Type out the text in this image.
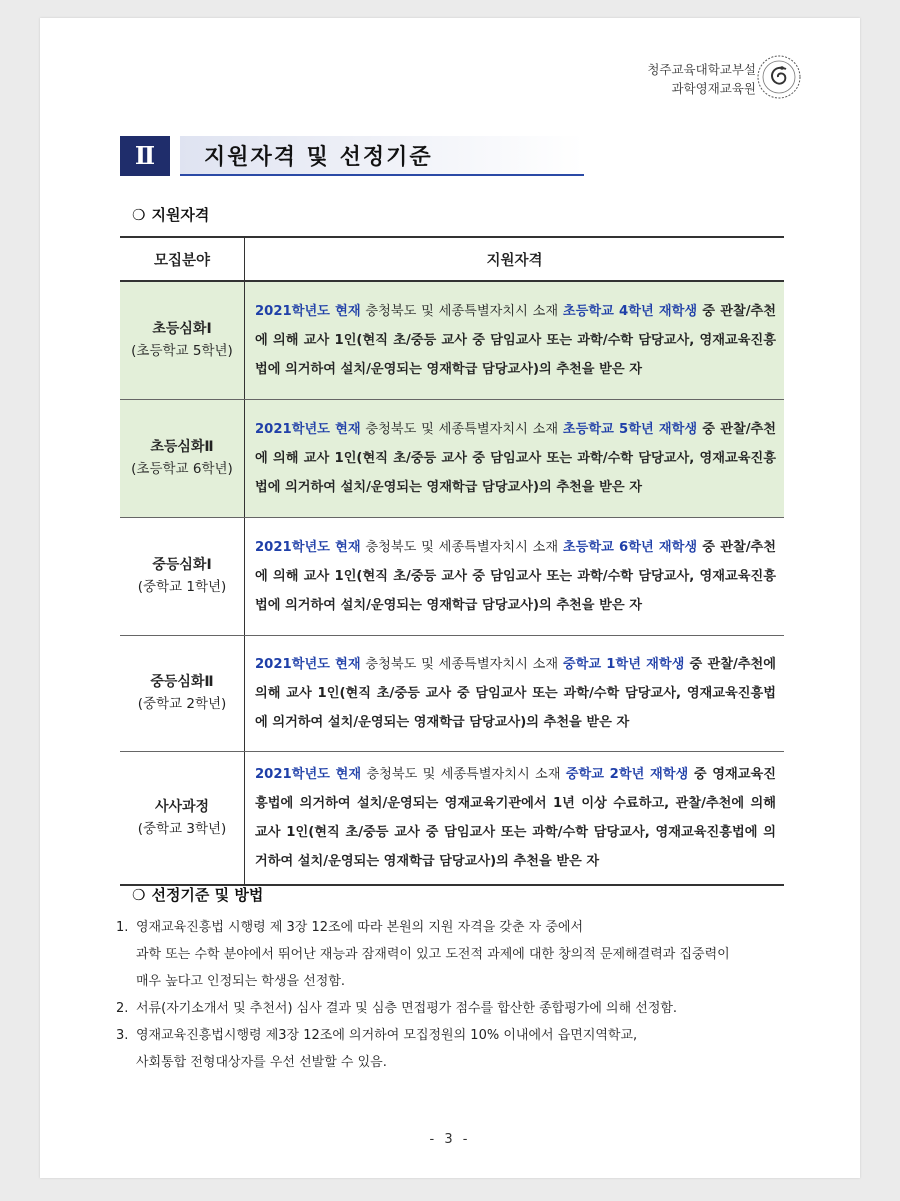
청주교육대학교부설
과학영재교육원
Ⅱ	지원자격 및 선정기준
❍ 지원자격
모집분야	지원자격

초등심화Ⅰ
(초등학교 5학년)	2021학년도 현재 충청북도 및 세종특별자치시 소재 초등학교 4학년 재학생 중 관찰/추천에 의해 교사 1인(현직 초/중등 교사 중 담임교사 또는 과학/수학 담당교사, 영재교육진흥법에 의거하여 설치/운영되는 영재학급 담당교사)의 추천을 받은 자

초등심화Ⅱ
(초등학교 6학년)	2021학년도 현재 충청북도 및 세종특별자치시 소재 초등학교 5학년 재학생 중 관찰/추천에 의해 교사 1인(현직 초/중등 교사 중 담임교사 또는 과학/수학 담당교사, 영재교육진흥법에 의거하여 설치/운영되는 영재학급 담당교사)의 추천을 받은 자

중등심화Ⅰ
(중학교 1학년)	2021학년도 현재 충청북도 및 세종특별자치시 소재 초등학교 6학년 재학생 중 관찰/추천에 의해 교사 1인(현직 초/중등 교사 중 담임교사 또는 과학/수학 담당교사, 영재교육진흥법에 의거하여 설치/운영되는 영재학급 담당교사)의 추천을 받은 자

중등심화Ⅱ
(중학교 2학년)	2021학년도 현재 충청북도 및 세종특별자치시 소재 중학교 1학년 재학생 중 관찰/추천에 의해 교사 1인(현직 초/중등 교사 중 담임교사 또는 과학/수학 담당교사, 영재교육진흥법에 의거하여 설치/운영되는 영재학급 담당교사)의 추천을 받은 자

사사과정
(중학교 3학년)	2021학년도 현재 충청북도 및 세종특별자치시 소재 중학교 2학년 재학생 중 영재교육진흥법에 의거하여 설치/운영되는 영재교육기관에서 1년 이상 수료하고, 관찰/추천에 의해 교사 1인(현직 초/중등 교사 중 담임교사 또는 과학/수학 담당교사, 영재교육진흥법에 의거하여 설치/운영되는 영재학급 담당교사)의 추천을 받은 자
❍ 선정기준 및 방법
1. 영재교육진흥법 시행령 제 3장 12조에 따라 본원의 지원 자격을 갖춘 자 중에서
과학 또는 수학 분야에서 뛰어난 재능과 잠재력이 있고 도전적 과제에 대한 창의적 문제해결력과 집중력이
매우 높다고 인정되는 학생을 선정함.
2. 서류(자기소개서 및 추천서) 심사 결과 및 심층 면접평가 점수를 합산한 종합평가에 의해 선정함.
3. 영재교육진흥법시행령 제3장 12조에 의거하여 모집정원의 10% 이내에서 읍면지역학교,
사회통합 전형대상자를 우선 선발할 수 있음.
- 3 -
